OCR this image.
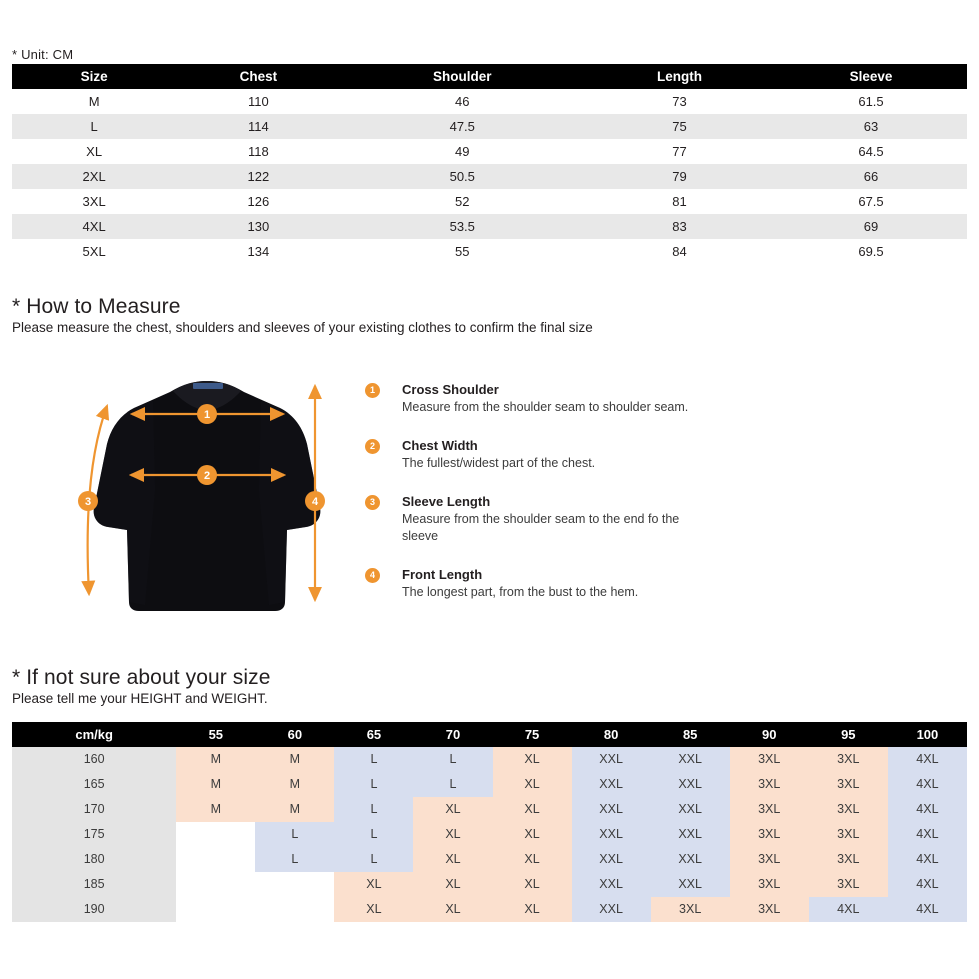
* Unit: CM
Size	Chest	Shoulder	Length	Sleeve
M	110	46	73	61.5
L	114	47.5	75	63
XL	118	49	77	64.5
2XL	122	50.5	79	66
3XL	126	52	81	67.5
4XL	130	53.5	83	69
5XL	134	55	84	69.5
* How to Measure
Please measure the chest, shoulders and sleeves of your existing clothes to confirm the final size
1
2
3	4
1	Cross Shoulder
Measure from the shoulder seam to shoulder seam.
2	Chest Width
The fullest/widest part of the chest.
3	Sleeve Length
Measure from the shoulder seam to the end fo the sleeve
4	Front Length
The longest part, from the bust to the hem.
* If not sure about your size
Please tell me your HEIGHT and WEIGHT.
cm/kg	55	60	65	70	75	80	85	90	95	100
160	M	M	L	L	XL	XXL	XXL	3XL	3XL	4XL
165	M	M	L	L	XL	XXL	XXL	3XL	3XL	4XL
170	M	M	L	XL	XL	XXL	XXL	3XL	3XL	4XL
175		L	L	XL	XL	XXL	XXL	3XL	3XL	4XL
180		L	L	XL	XL	XXL	XXL	3XL	3XL	4XL
185			XL	XL	XL	XXL	XXL	3XL	3XL	4XL
190			XL	XL	XL	XXL	3XL	3XL	4XL	4XL
